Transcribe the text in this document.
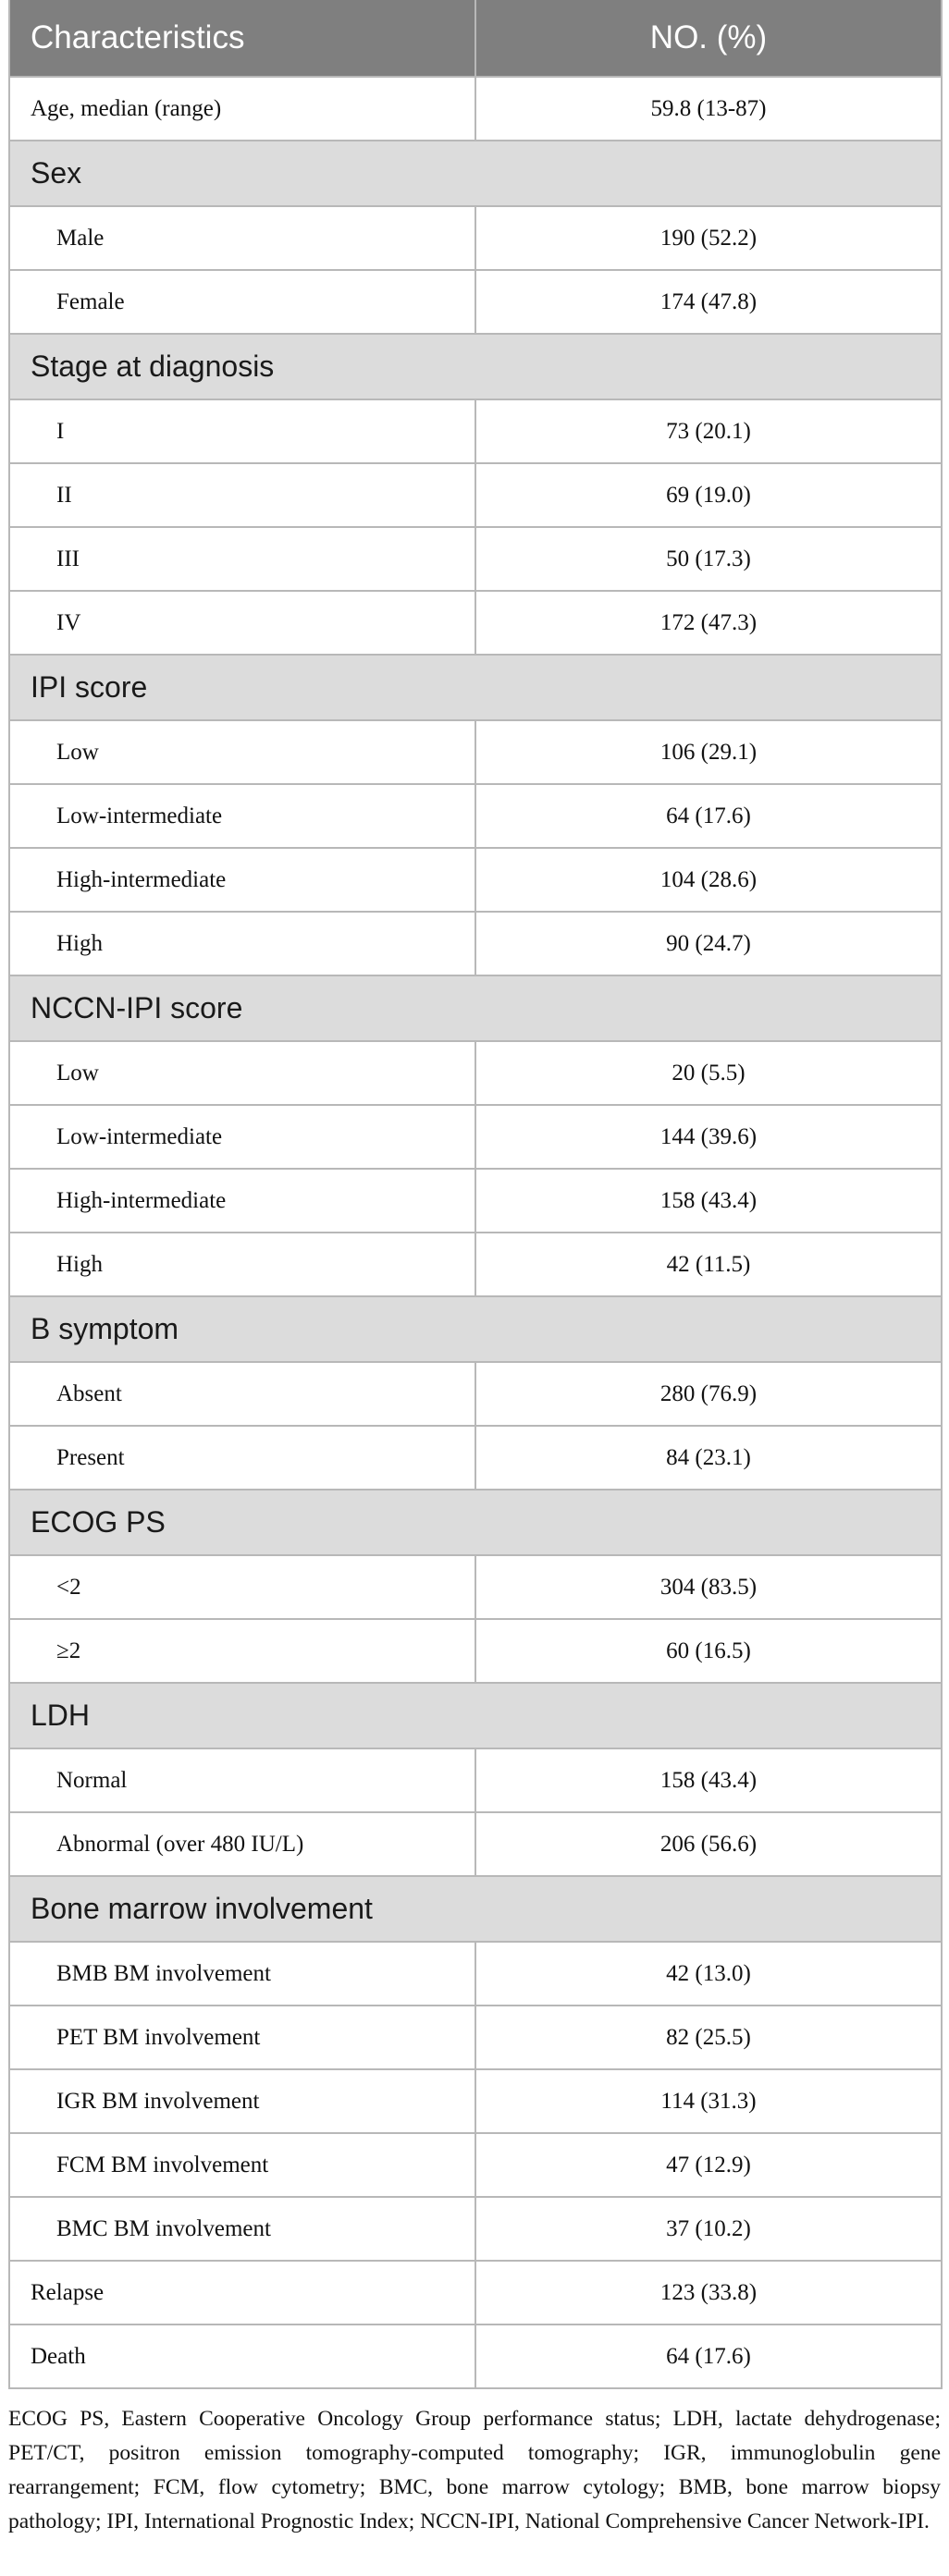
Characteristics	NO. (%)
Age, median (range)	59.8 (13-87)
Sex	
Male	190 (52.2)
Female	174 (47.8)
Stage at diagnosis	
I	73 (20.1)
II	69 (19.0)
III	50 (17.3)
IV	172 (47.3)
IPI score	
Low	106 (29.1)
Low-intermediate	64 (17.6)
High-intermediate	104 (28.6)
High	90 (24.7)
NCCN-IPI score	
Low	20 (5.5)
Low-intermediate	144 (39.6)
High-intermediate	158 (43.4)
High	42 (11.5)
B symptom	
Absent	280 (76.9)
Present	84 (23.1)
ECOG PS	
<2	304 (83.5)
≥2	60 (16.5)
LDH	
Normal	158 (43.4)
Abnormal (over 480 IU/L)	206 (56.6)
Bone marrow involvement	
BMB BM involvement	42 (13.0)
PET BM involvement	82 (25.5)
IGR BM involvement	114 (31.3)
FCM BM involvement	47 (12.9)
BMC BM involvement	37 (10.2)
Relapse	123 (33.8)
Death	64 (17.6)

ECOG PS, Eastern Cooperative Oncology Group performance status; LDH, lactate dehydrogenase; PET/CT, positron emission tomography-computed tomography; IGR, immunoglobulin gene rearrangement; FCM, flow cytometry; BMC, bone marrow cytology; BMB, bone marrow biopsy pathology; IPI, International Prognostic Index; NCCN-IPI, National Comprehensive Cancer Network-IPI.
